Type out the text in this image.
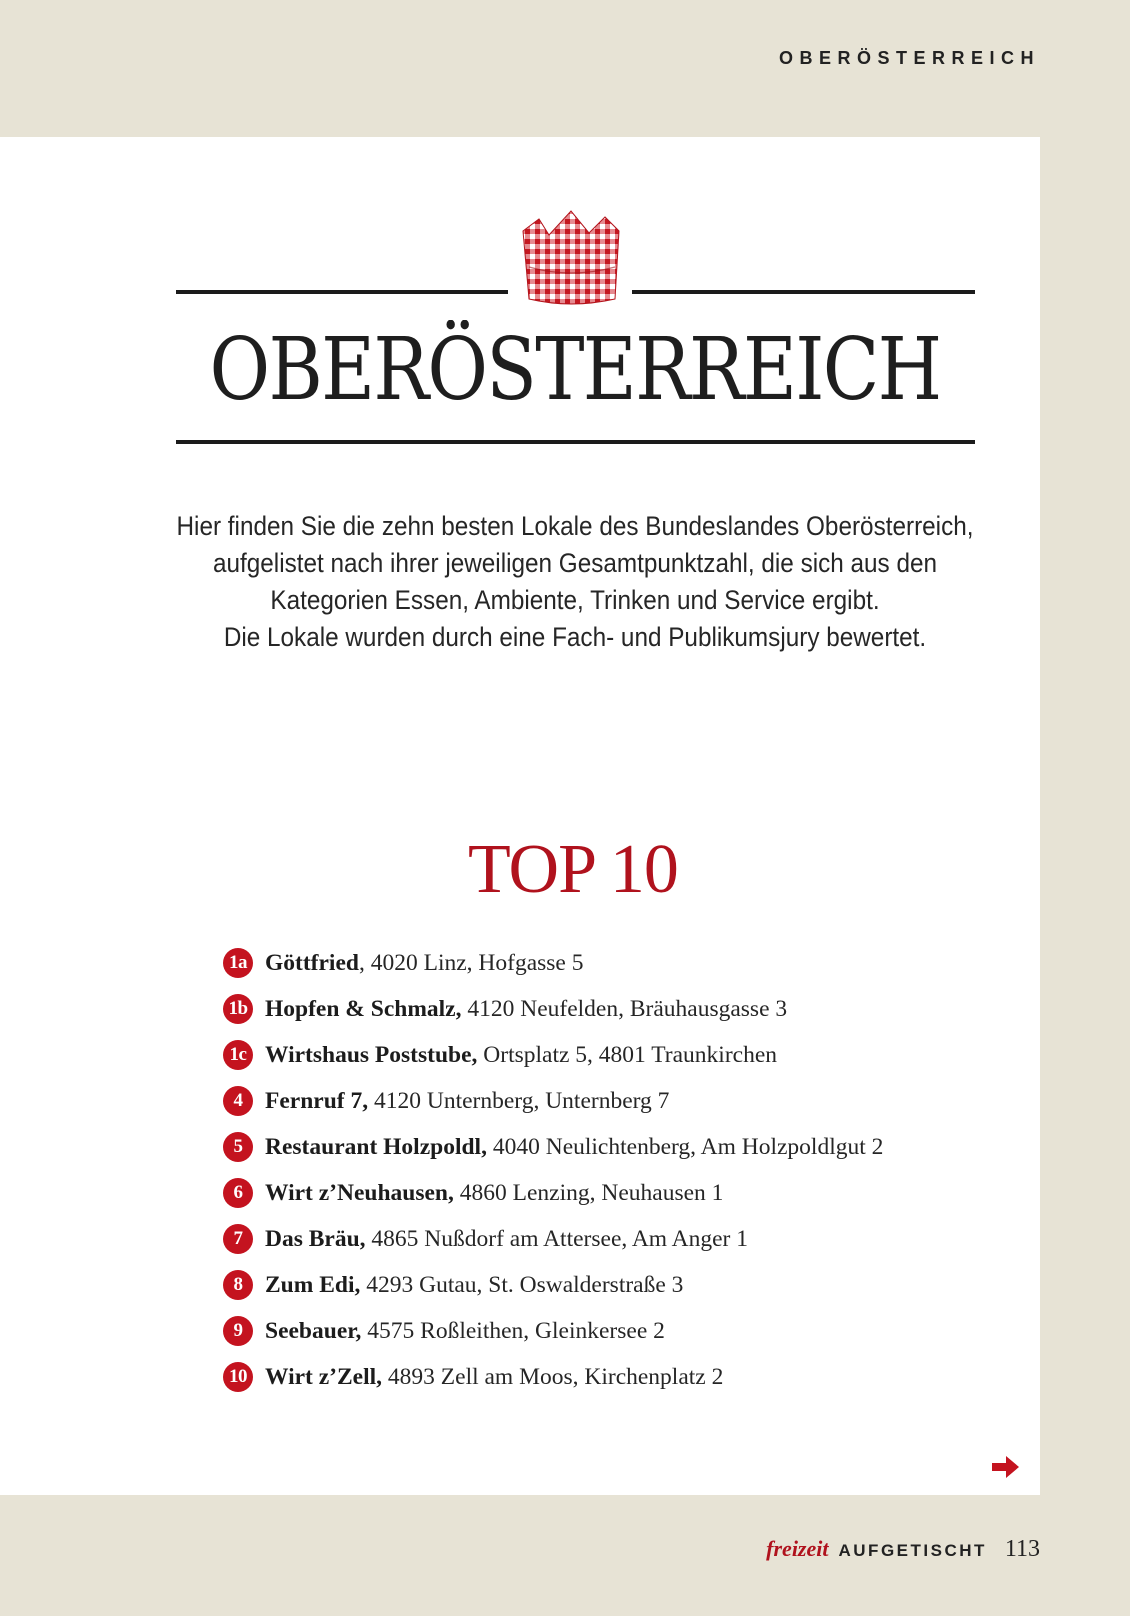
OBERÖSTERREICH
OBERÖSTERREICH

Hier finden Sie die zehn besten Lokale des Bundeslandes Oberösterreich,

aufgelistet nach ihrer jeweiligen Gesamtpunktzahl, die sich aus den

Kategorien Essen, Ambiente, Trinken und Service ergibt.

Die Lokale wurden durch eine Fach- und Publikumsjury bewertet.

TOP 10
1a Göttfried, 4020 Linz, Hofgasse 5
1b Hopfen & Schmalz, 4120 Neufelden, Bräuhausgasse 3
1c Wirtshaus Poststube, Ortsplatz 5, 4801 Traunkirchen
4 Fernruf 7, 4120 Unternberg, Unternberg 7
5 Restaurant Holzpoldl, 4040 Neulichtenberg, Am Holzpoldlgut 2
6 Wirt z’Neuhausen, 4860 Lenzing, Neuhausen 1
7 Das Bräu, 4865 Nußdorf am Attersee, Am Anger 1
8 Zum Edi, 4293 Gutau, St. Oswalderstraße 3
9 Seebauer, 4575 Roßleithen, Gleinkersee 2
10 Wirt z’Zell, 4893 Zell am Moos, Kirchenplatz 2
freizeit AUFGETISCHT 113
